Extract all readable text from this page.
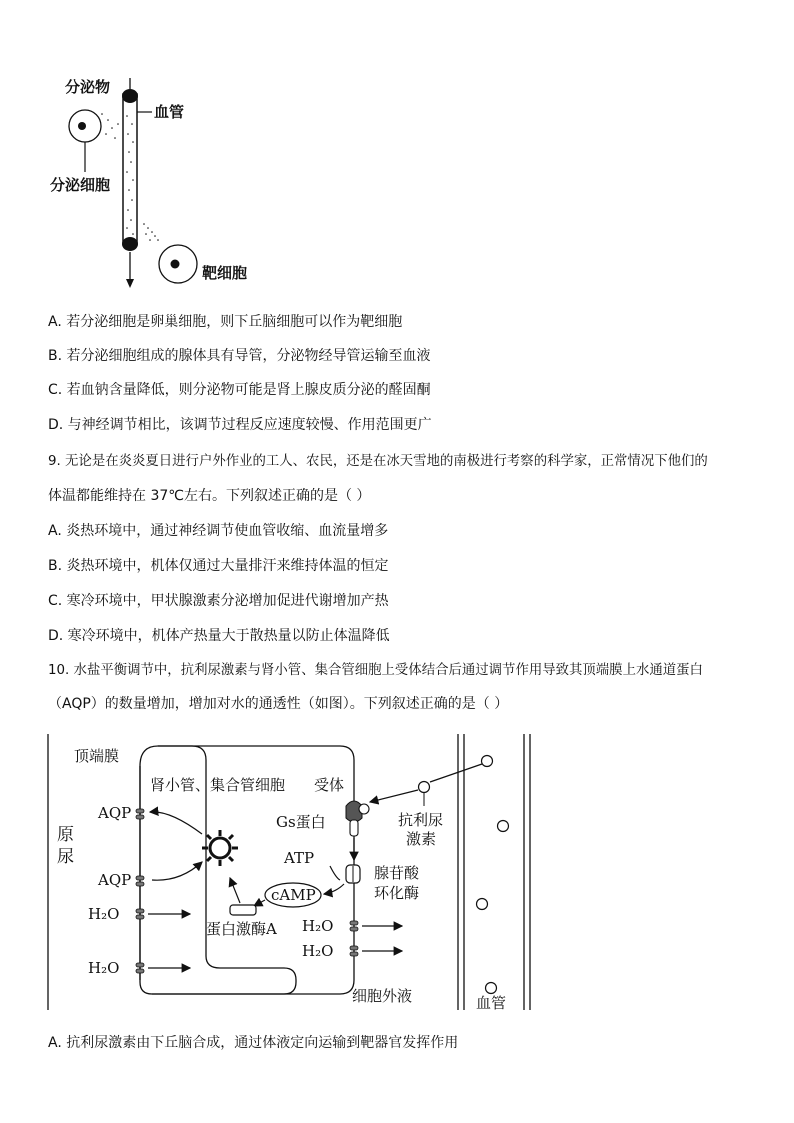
分泌物
血管
分泌细胞
靶细胞
A. 若分泌细胞是卵巢细胞，则下丘脑细胞可以作为靶细胞
B. 若分泌细胞组成的腺体具有导管，分泌物经导管运输至血液
C. 若血钠含量降低，则分泌物可能是肾上腺皮质分泌的醛固酮
D. 与神经调节相比，该调节过程反应速度较慢、作用范围更广
9. 无论是在炎炎夏日进行户外作业的工人、农民，还是在冰天雪地的南极进行考察的科学家，正常情况下他们的
体温都能维持在 37℃左右。下列叙述正确的是（ ）
A. 炎热环境中，通过神经调节使血管收缩、血流量增多
B. 炎热环境中，机体仅通过大量排汗来维持体温的恒定
C. 寒冷环境中，甲状腺激素分泌增加促进代谢增加产热
D. 寒冷环境中，机体产热量大于散热量以防止体温降低
10. 水盐平衡调节中，抗利尿激素与肾小管、集合管细胞上受体结合后通过调节作用导致其顶端膜上水通道蛋白
（AQP）的数量增加，增加对水的通透性（如图）。下列叙述正确的是（ ）
顶端膜
肾小管、集合管细胞 受体
AQP
AQP
原
尿
Gs蛋白
ATP
腺苷酸
环化酶
cAMP
抗利尿
激素
蛋白激酶A
H₂O
H₂O
H₂O
H₂O
细胞外液	血管
A. 抗利尿激素由下丘脑合成，通过体液定向运输到靶器官发挥作用
